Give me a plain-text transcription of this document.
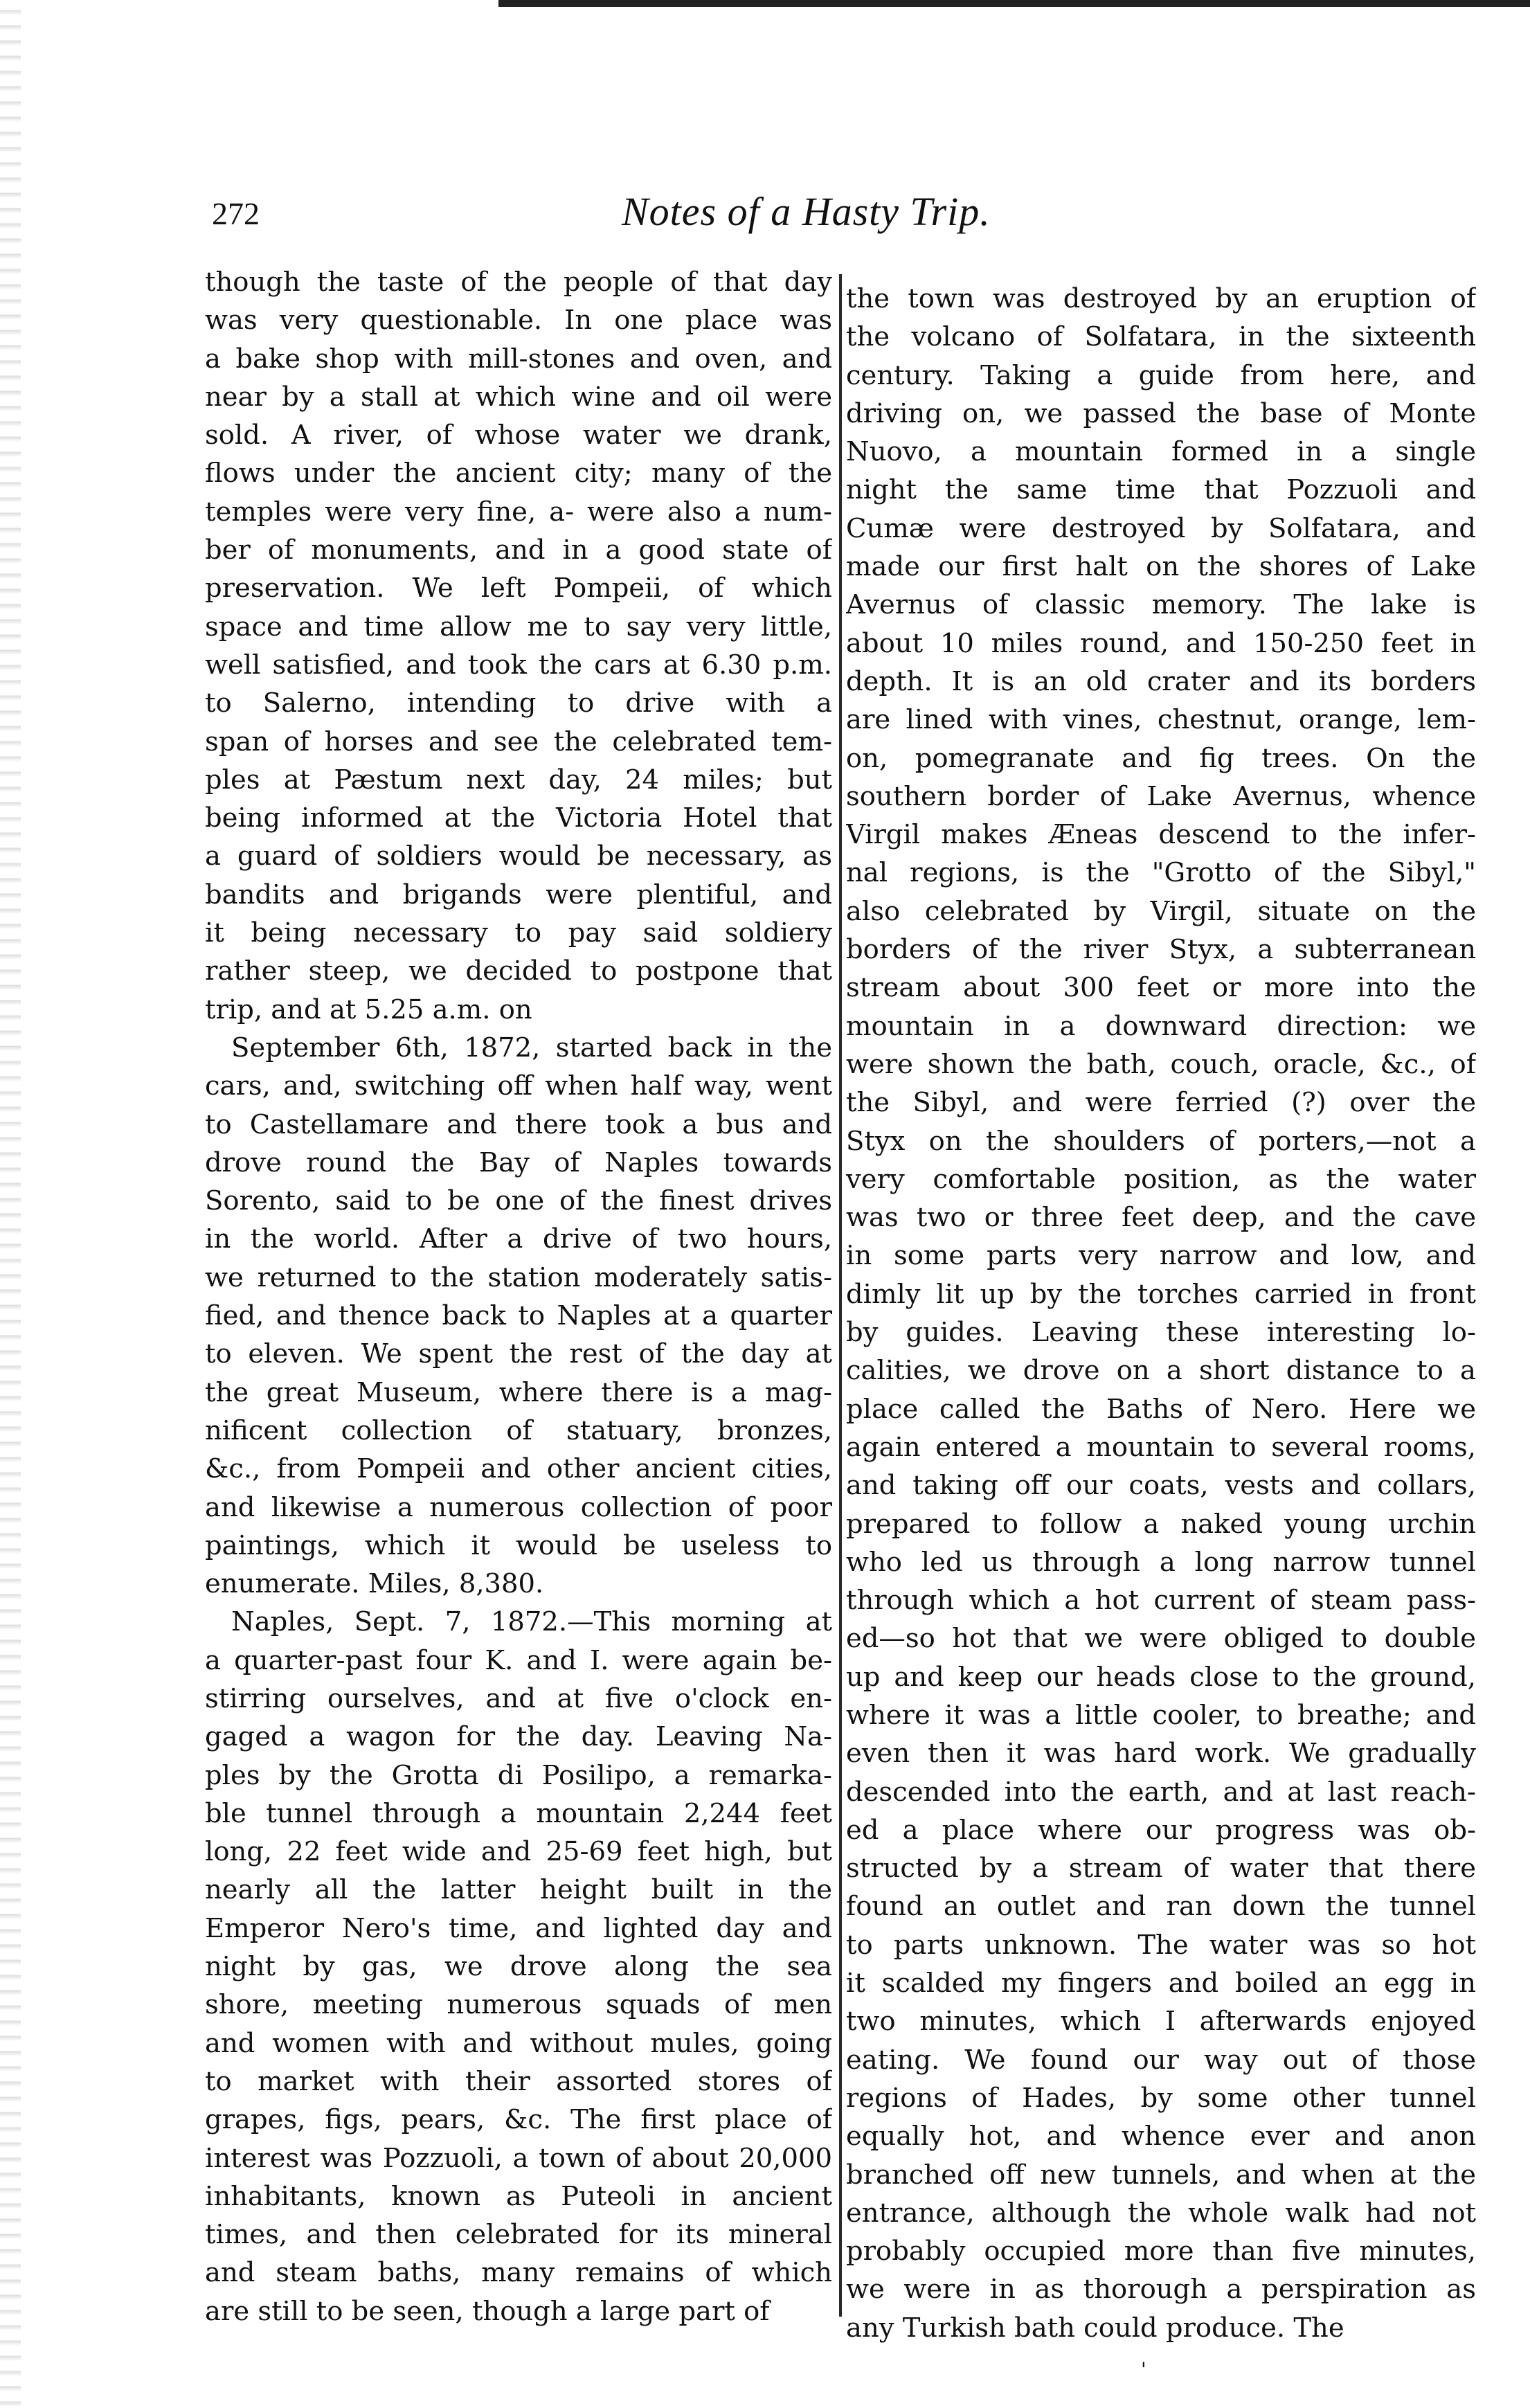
272	Notes of a Hasty Trip.
though the taste of the people of that day
was very questionable. In one place was
a bake shop with mill-stones and oven, and
near by a stall at which wine and oil were
sold. A river, of whose water we drank,
flows under the ancient city; many of the
temples were very fine, a- were also a num-
ber of monuments, and in a good state of
preservation. We left Pompeii, of which
space and time allow me to say very little,
well satisfied, and took the cars at 6.30 p.m.
to Salerno, intending to drive with a
span of horses and see the celebrated tem-
ples at Pæstum next day, 24 miles; but
being informed at the Victoria Hotel that
a guard of soldiers would be necessary, as
bandits and brigands were plentiful, and
it being necessary to pay said soldiery
rather steep, we decided to postpone that
trip, and at 5.25 a.m. on
September 6th, 1872, started back in the
cars, and, switching off when half way, went
to Castellamare and there took a bus and
drove round the Bay of Naples towards
Sorento, said to be one of the finest drives
in the world. After a drive of two hours,
we returned to the station moderately satis-
fied, and thence back to Naples at a quarter
to eleven. We spent the rest of the day at
the great Museum, where there is a mag-
nificent collection of statuary, bronzes,
&c., from Pompeii and other ancient cities,
and likewise a numerous collection of poor
paintings, which it would be useless to
enumerate. Miles, 8,380.
Naples, Sept. 7, 1872.—This morning at
a quarter-past four K. and I. were again be-
stirring ourselves, and at five o'clock en-
gaged a wagon for the day. Leaving Na-
ples by the Grotta di Posilipo, a remarka-
ble tunnel through a mountain 2,244 feet
long, 22 feet wide and 25-69 feet high, but
nearly all the latter height built in the
Emperor Nero's time, and lighted day and
night by gas, we drove along the sea
shore, meeting numerous squads of men
and women with and without mules, going
to market with their assorted stores of
grapes, figs, pears, &c. The first place of
interest was Pozzuoli, a town of about 20,000
inhabitants, known as Puteoli in ancient
times, and then celebrated for its mineral
and steam baths, many remains of which
are still to be seen, though a large part of
the town was destroyed by an eruption of
the volcano of Solfatara, in the sixteenth
century. Taking a guide from here, and
driving on, we passed the base of Monte
Nuovo, a mountain formed in a single
night the same time that Pozzuoli and
Cumæ were destroyed by Solfatara, and
made our first halt on the shores of Lake
Avernus of classic memory. The lake is
about 10 miles round, and 150-250 feet in
depth. It is an old crater and its borders
are lined with vines, chestnut, orange, lem-
on, pomegranate and fig trees. On the
southern border of Lake Avernus, whence
Virgil makes Æneas descend to the infer-
nal regions, is the "Grotto of the Sibyl,"
also celebrated by Virgil, situate on the
borders of the river Styx, a subterranean
stream about 300 feet or more into the
mountain in a downward direction: we
were shown the bath, couch, oracle, &c., of
the Sibyl, and were ferried (?) over the
Styx on the shoulders of porters,—not a
very comfortable position, as the water
was two or three feet deep, and the cave
in some parts very narrow and low, and
dimly lit up by the torches carried in front
by guides. Leaving these interesting lo-
calities, we drove on a short distance to a
place called the Baths of Nero. Here we
again entered a mountain to several rooms,
and taking off our coats, vests and collars,
prepared to follow a naked young urchin
who led us through a long narrow tunnel
through which a hot current of steam pass-
ed—so hot that we were obliged to double
up and keep our heads close to the ground,
where it was a little cooler, to breathe; and
even then it was hard work. We gradually
descended into the earth, and at last reach-
ed a place where our progress was ob-
structed by a stream of water that there
found an outlet and ran down the tunnel
to parts unknown. The water was so hot
it scalded my fingers and boiled an egg in
two minutes, which I afterwards enjoyed
eating. We found our way out of those
regions of Hades, by some other tunnel
equally hot, and whence ever and anon
branched off new tunnels, and when at the
entrance, although the whole walk had not
probably occupied more than five minutes,
we were in as thorough a perspiration as
any Turkish bath could produce. The
'
